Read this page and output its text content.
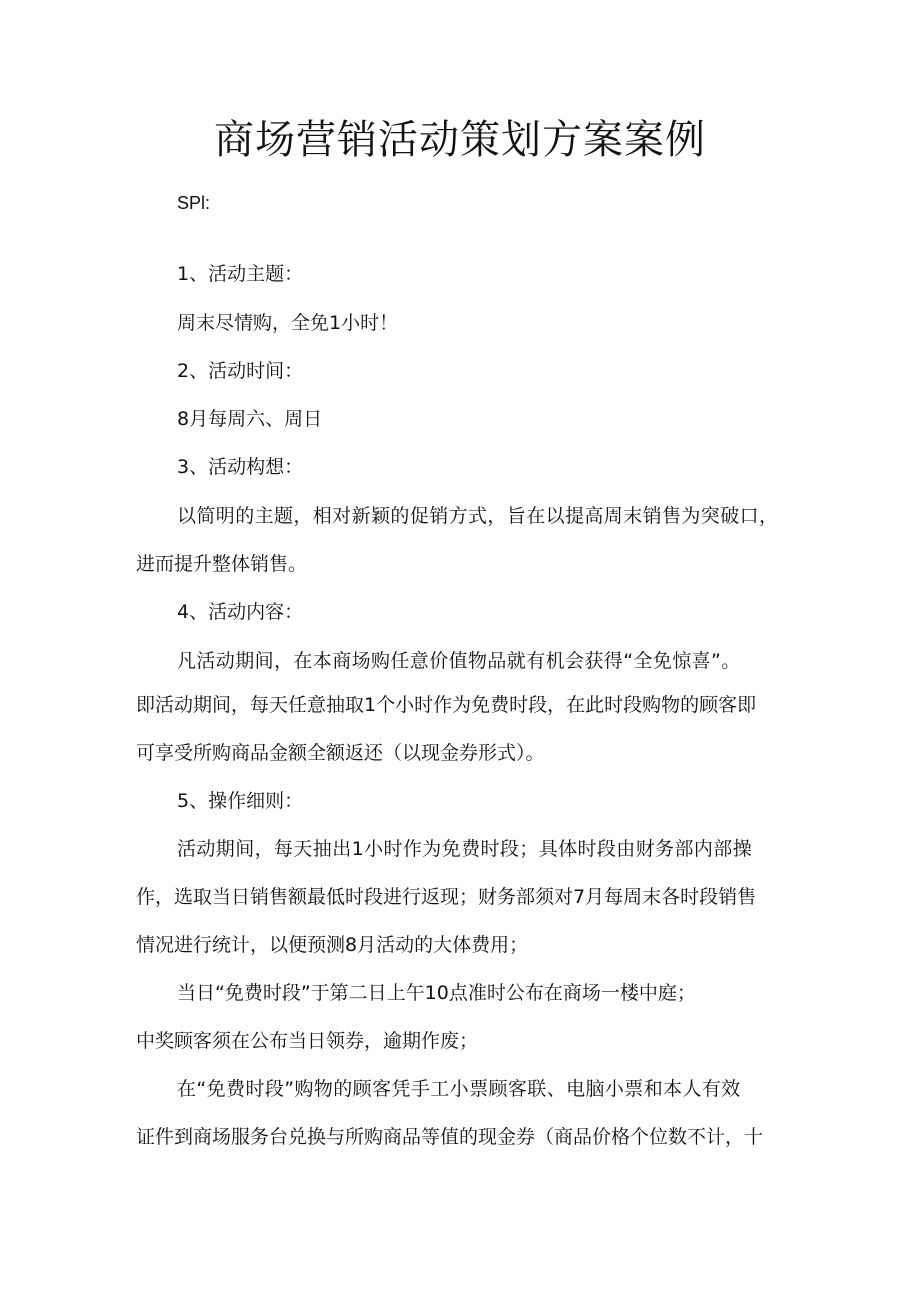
商场营销活动策划方案案例

SPl:

1、活动主题：

周末尽情购，全免1小时！

2、活动时间：

8月每周六、周日

3、活动构想：

以简明的主题，相对新颖的促销方式，旨在以提高周末销售为突破口，

进而提升整体销售。

4、活动内容：

凡活动期间，在本商场购任意价值物品就有机会获得“全免惊喜”。

即活动期间，每天任意抽取1个小时作为免费时段，在此时段购物的顾客即

可享受所购商品金额全额返还（以现金券形式）。

5、操作细则：

活动期间，每天抽出1小时作为免费时段；具体时段由财务部内部操

作，选取当日销售额最低时段进行返现；财务部须对7月每周末各时段销售

情况进行统计，以便预测8月活动的大体费用；

当日“免费时段”于第二日上午10点准时公布在商场一楼中庭；

中奖顾客须在公布当日领券，逾期作废；

在“免费时段”购物的顾客凭手工小票顾客联、电脑小票和本人有效

证件到商场服务台兑换与所购商品等值的现金券（商品价格个位数不计，十
